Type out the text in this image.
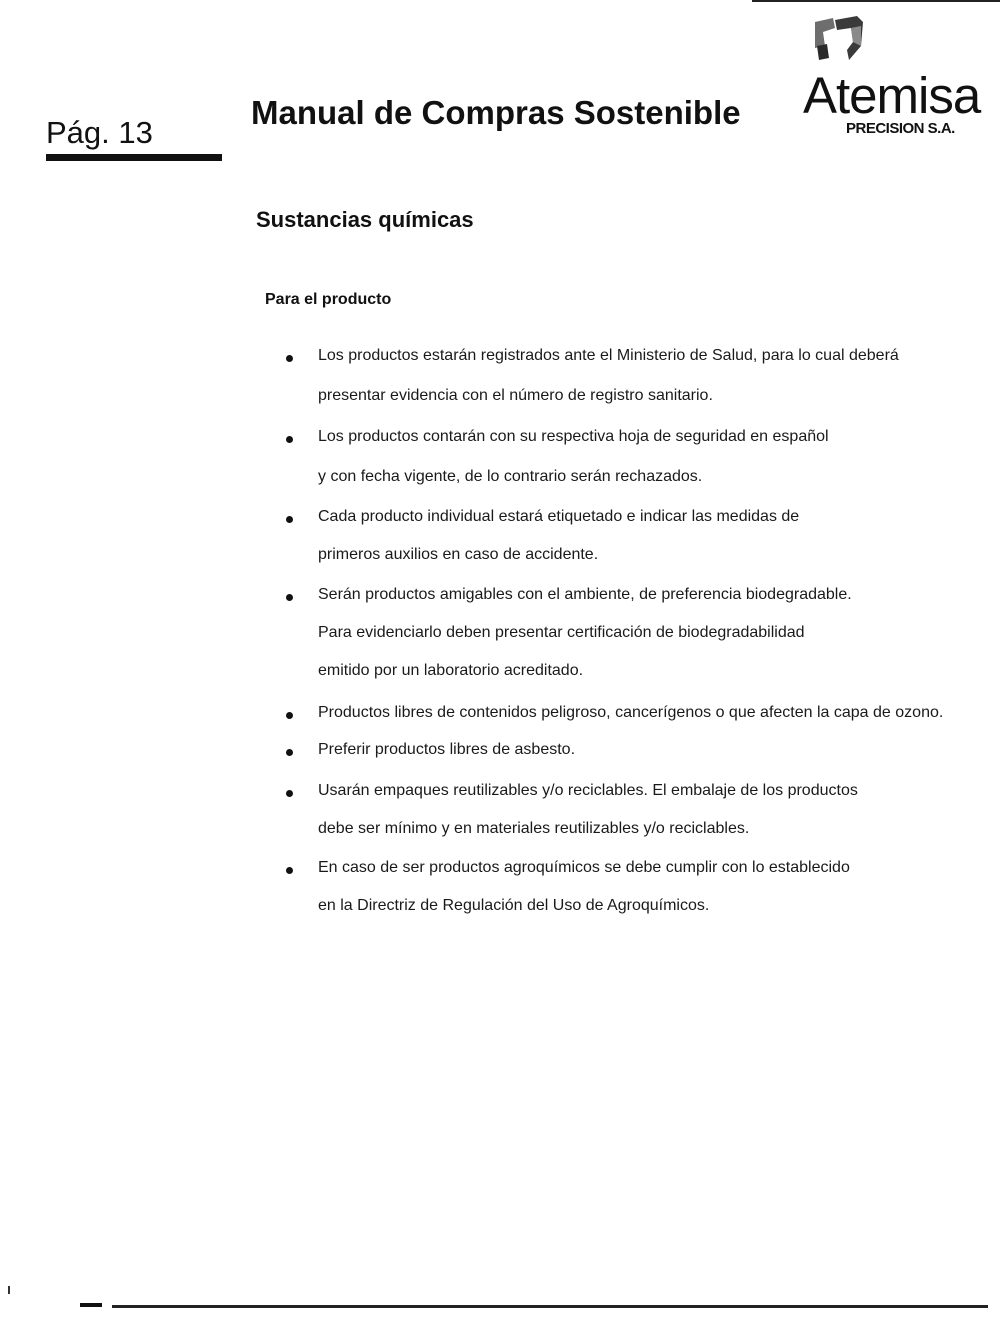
Pág. 13
Manual de Compras Sostenible Atemisa
PRECISION S.A.
Sustancias químicas
Para el producto
Los productos estarán registrados ante el Ministerio de Salud, para lo cual deberá
presentar evidencia con el número de registro sanitario.
Los productos contarán con su respectiva hoja de seguridad en español
y con fecha vigente, de lo contrario serán rechazados.
Cada producto individual estará etiquetado e indicar las medidas de
primeros auxilios en caso de accidente.
Serán productos amigables con el ambiente, de preferencia biodegradable.
Para evidenciarlo deben presentar certificación de biodegradabilidad
emitido por un laboratorio acreditado.
Productos libres de contenidos peligroso, cancerígenos o que afecten la capa de ozono.
Preferir productos libres de asbesto.
Usarán empaques reutilizables y/o reciclables. El embalaje de los productos
debe ser mínimo y en materiales reutilizables y/o reciclables.
En caso de ser productos agroquímicos se debe cumplir con lo establecido
en la Directriz de Regulación del Uso de Agroquímicos.
